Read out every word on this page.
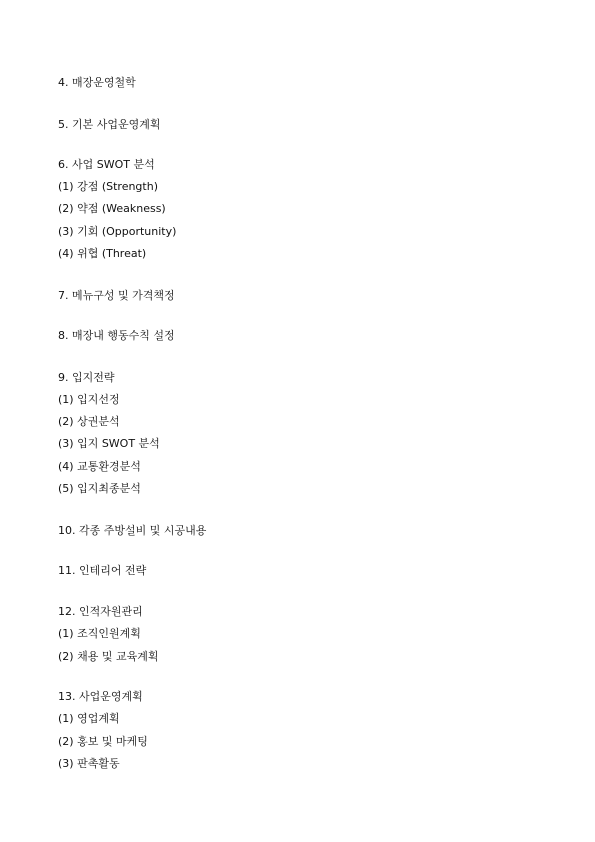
4. 매장운영철학
5. 기본 사업운영계획
6. 사업 SWOT 분석
(1) 강점 (Strength)
(2) 약점 (Weakness)
(3) 기회 (Opportunity)
(4) 위협 (Threat)
7. 메뉴구성 및 가격책정
8. 매장내 행동수칙 설정
9. 입지전략
(1) 입지선정
(2) 상권분석
(3) 입지 SWOT 분석
(4) 교통환경분석
(5) 입지최종분석
10. 각종 주방설비 및 시공내용
11. 인테리어 전략
12. 인적자원관리
(1) 조직인원계획
(2) 채용 및 교육계획
13. 사업운영계획
(1) 영업계획
(2) 홍보 및 마케팅
(3) 판촉활동
